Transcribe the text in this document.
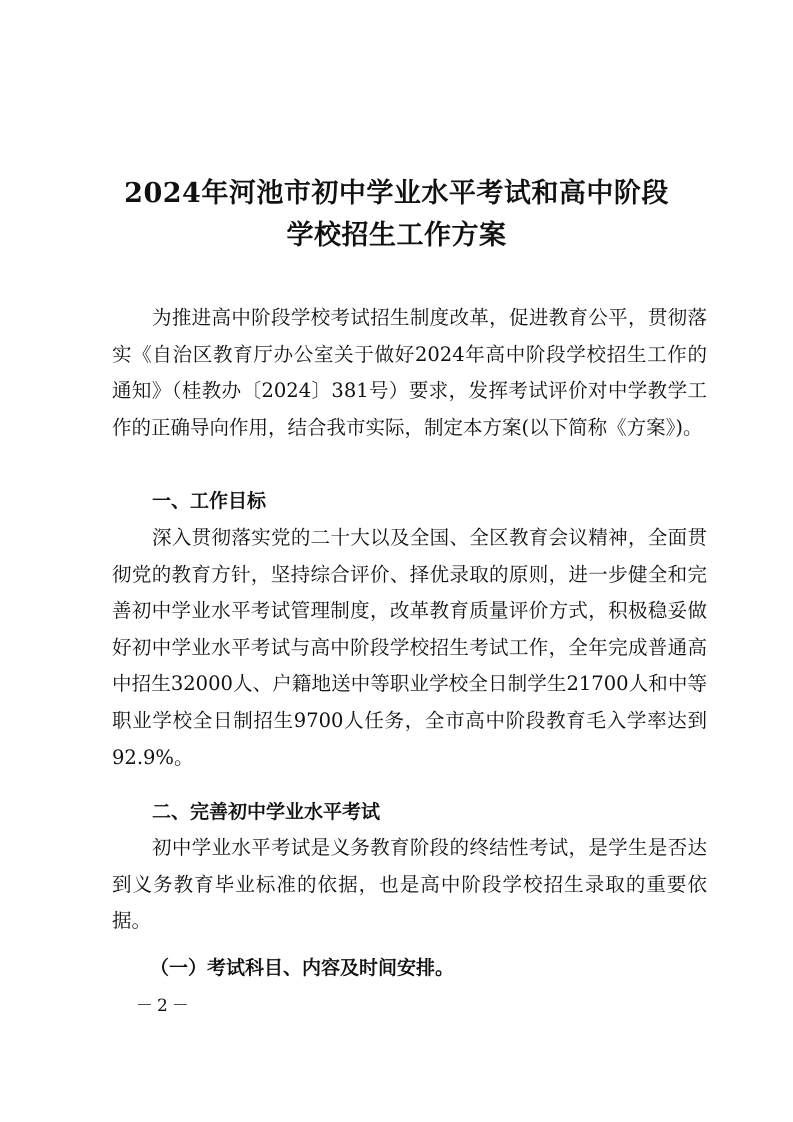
2024年河池市初中学业水平考试和高中阶段
学校招生工作方案

为推进高中阶段学校考试招生制度改革，促进教育公平，贯彻落实《自治区教育厅办公室关于做好2024年高中阶段学校招生工作的通知》（桂教办〔2024〕381号）要求，发挥考试评价对中学教学工作的正确导向作用，结合我市实际，制定本方案(以下简称《方案》)。

一、工作目标

深入贯彻落实党的二十大以及全国、全区教育会议精神，全面贯彻党的教育方针，坚持综合评价、择优录取的原则，进一步健全和完善初中学业水平考试管理制度，改革教育质量评价方式，积极稳妥做好初中学业水平考试与高中阶段学校招生考试工作，全年完成普通高中招生32000人、户籍地送中等职业学校全日制学生21700人和中等职业学校全日制招生9700人任务，全市高中阶段教育毛入学率达到92.9%。

二、完善初中学业水平考试

初中学业水平考试是义务教育阶段的终结性考试，是学生是否达到义务教育毕业标准的依据，也是高中阶段学校招生录取的重要依据。

（一）考试科目、内容及时间安排。
－2－
